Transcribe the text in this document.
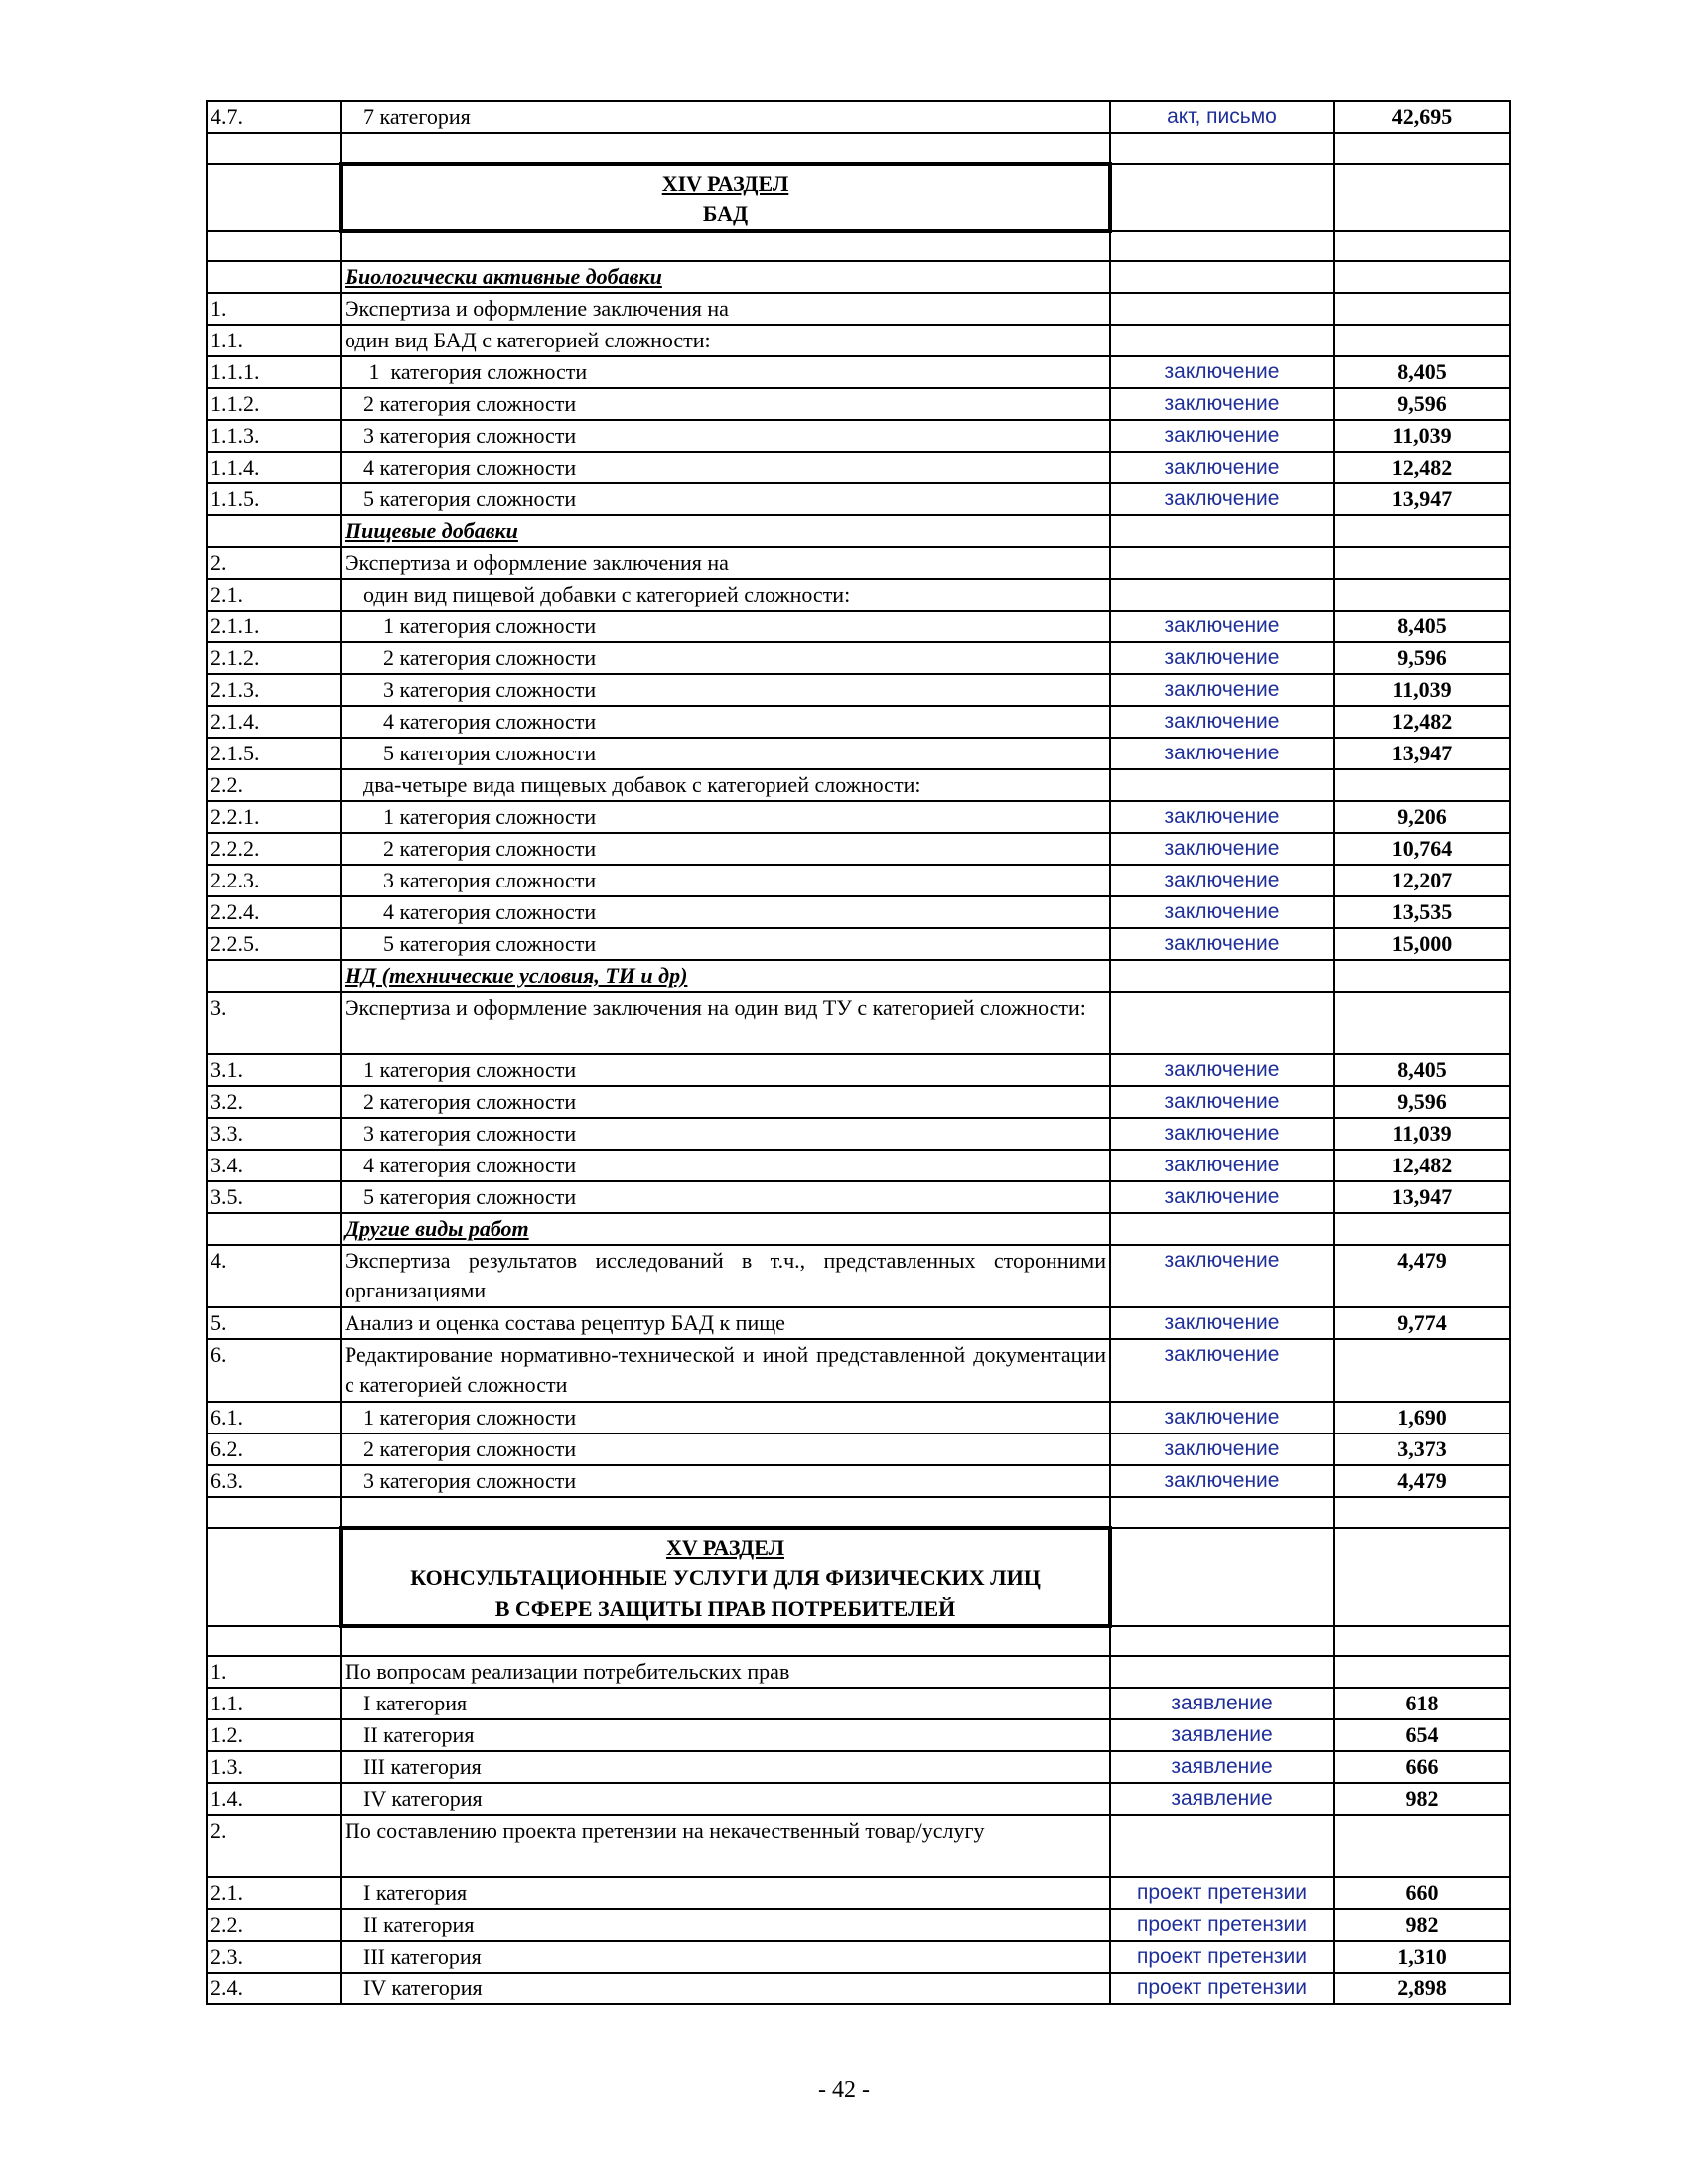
4.7.	7 категория	акт, письмо	42,695

	XIV РАЗДЕЛ
БАД		

	Биологически активные добавки		
1.	Экспертиза и оформление заключения на		
1.1.	один вид БАД с категорией сложности:		
1.1.1.	1  категория сложности	заключение	8,405
1.1.2.	2 категория сложности	заключение	9,596
1.1.3.	3 категория сложности	заключение	11,039
1.1.4.	4 категория сложности	заключение	12,482
1.1.5.	5 категория сложности	заключение	13,947
	Пищевые добавки		
2.	Экспертиза и оформление заключения на		
2.1.	один вид пищевой добавки с категорией сложности:		
2.1.1.	1 категория сложности	заключение	8,405
2.1.2.	2 категория сложности	заключение	9,596
2.1.3.	3 категория сложности	заключение	11,039
2.1.4.	4 категория сложности	заключение	12,482
2.1.5.	5 категория сложности	заключение	13,947
2.2.	два-четыре вида пищевых добавок с категорией сложности:		
2.2.1.	1 категория сложности	заключение	9,206
2.2.2.	2 категория сложности	заключение	10,764
2.2.3.	3 категория сложности	заключение	12,207
2.2.4.	4 категория сложности	заключение	13,535
2.2.5.	5 категория сложности	заключение	15,000
	НД (технические условия, ТИ и др)		
3.	Экспертиза и оформление заключения на один вид ТУ с категорией сложности:		
3.1.	1 категория сложности	заключение	8,405
3.2.	2 категория сложности	заключение	9,596
3.3.	3 категория сложности	заключение	11,039
3.4.	4 категория сложности	заключение	12,482
3.5.	5 категория сложности	заключение	13,947
	Другие виды работ		
4.	Экспертиза результатов исследований в т.ч., представленных сторонними организациями	заключение	4,479
5.	Анализ и оценка состава рецептур БАД к пище	заключение	9,774
6.	Редактирование нормативно-технической и иной представленной документации с категорией сложности	заключение	
6.1.	1 категория сложности	заключение	1,690
6.2.	2 категория сложности	заключение	3,373
6.3.	3 категория сложности	заключение	4,479

	XV РАЗДЕЛ
КОНСУЛЬТАЦИОННЫЕ УСЛУГИ ДЛЯ ФИЗИЧЕСКИХ ЛИЦ
В СФЕРЕ ЗАЩИТЫ ПРАВ ПОТРЕБИТЕЛЕЙ		

1.	По вопросам реализации потребительских прав		
1.1.	I категория	заявление	618
1.2.	II категория	заявление	654
1.3.	III категория	заявление	666
1.4.	IV категория	заявление	982
2.	По составлению проекта претензии на некачественный товар/услугу		
2.1.	I категория	проект претензии	660
2.2.	II категория	проект претензии	982
2.3.	III категория	проект претензии	1,310
2.4.	IV категория	проект претензии	2,898
- 42 -
